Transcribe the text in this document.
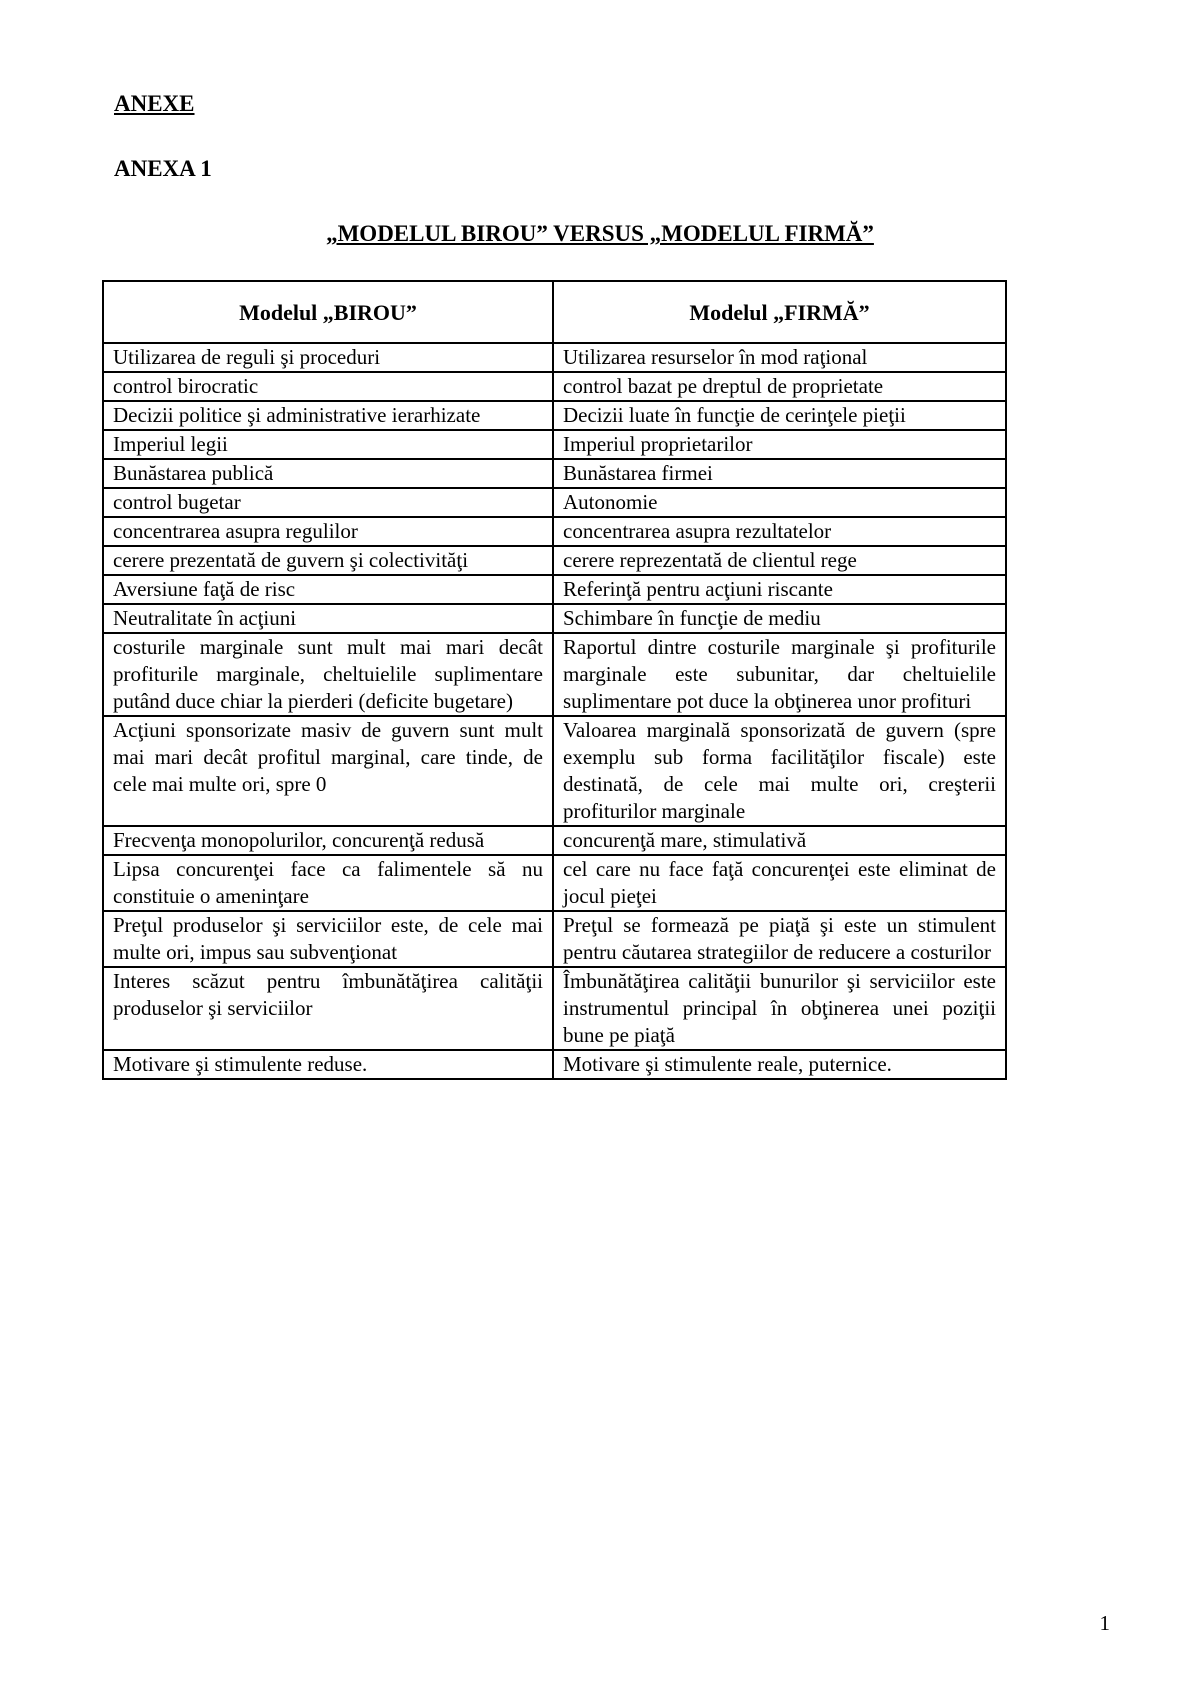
ANEXE
ANEXA 1
„MODELUL BIROU” VERSUS „MODELUL FIRMĂ”
Modelul „BIROU”	Modelul „FIRMĂ”
Utilizarea de reguli şi proceduri	Utilizarea resurselor în mod raţional
control birocratic	control bazat pe dreptul de proprietate
Decizii politice şi administrative ierarhizate	Decizii luate în funcţie de cerinţele pieţii
Imperiul legii	Imperiul proprietarilor
Bunăstarea publică	Bunăstarea firmei
control bugetar	Autonomie
concentrarea asupra regulilor	concentrarea asupra rezultatelor
cerere prezentată de guvern şi colectivităţi	cerere reprezentată de clientul rege
Aversiune faţă de risc	Referinţă pentru acţiuni riscante
Neutralitate în acţiuni	Schimbare în funcţie de mediu
costurile marginale sunt mult mai mari decât profiturile marginale, cheltuielile suplimentare putând duce chiar la pierderi (deficite bugetare)	Raportul dintre costurile marginale şi profiturile marginale este subunitar, dar cheltuielile suplimentare pot duce la obţinerea unor profituri
Acţiuni sponsorizate masiv de guvern sunt mult mai mari decât profitul marginal, care tinde, de cele mai multe ori, spre 0	Valoarea marginală sponsorizată de guvern (spre exemplu sub forma facilităţilor fiscale) este destinată, de cele mai multe ori, creşterii profiturilor marginale
Frecvenţa monopolurilor, concurenţă redusă	concurenţă mare, stimulativă
Lipsa concurenţei face ca falimentele să nu constituie o ameninţare	cel care nu face faţă concurenţei este eliminat de jocul pieţei
Preţul produselor şi serviciilor este, de cele mai multe ori, impus sau subvenţionat	Preţul se formează pe piaţă şi este un stimulent pentru căutarea strategiilor de reducere a costurilor
Interes scăzut pentru îmbunătăţirea calităţii produselor şi serviciilor	Îmbunătăţirea calităţii bunurilor şi serviciilor este instrumentul principal în obţinerea unei poziţii bune pe piaţă
Motivare şi stimulente reduse.	Motivare şi stimulente reale, puternice.
1
